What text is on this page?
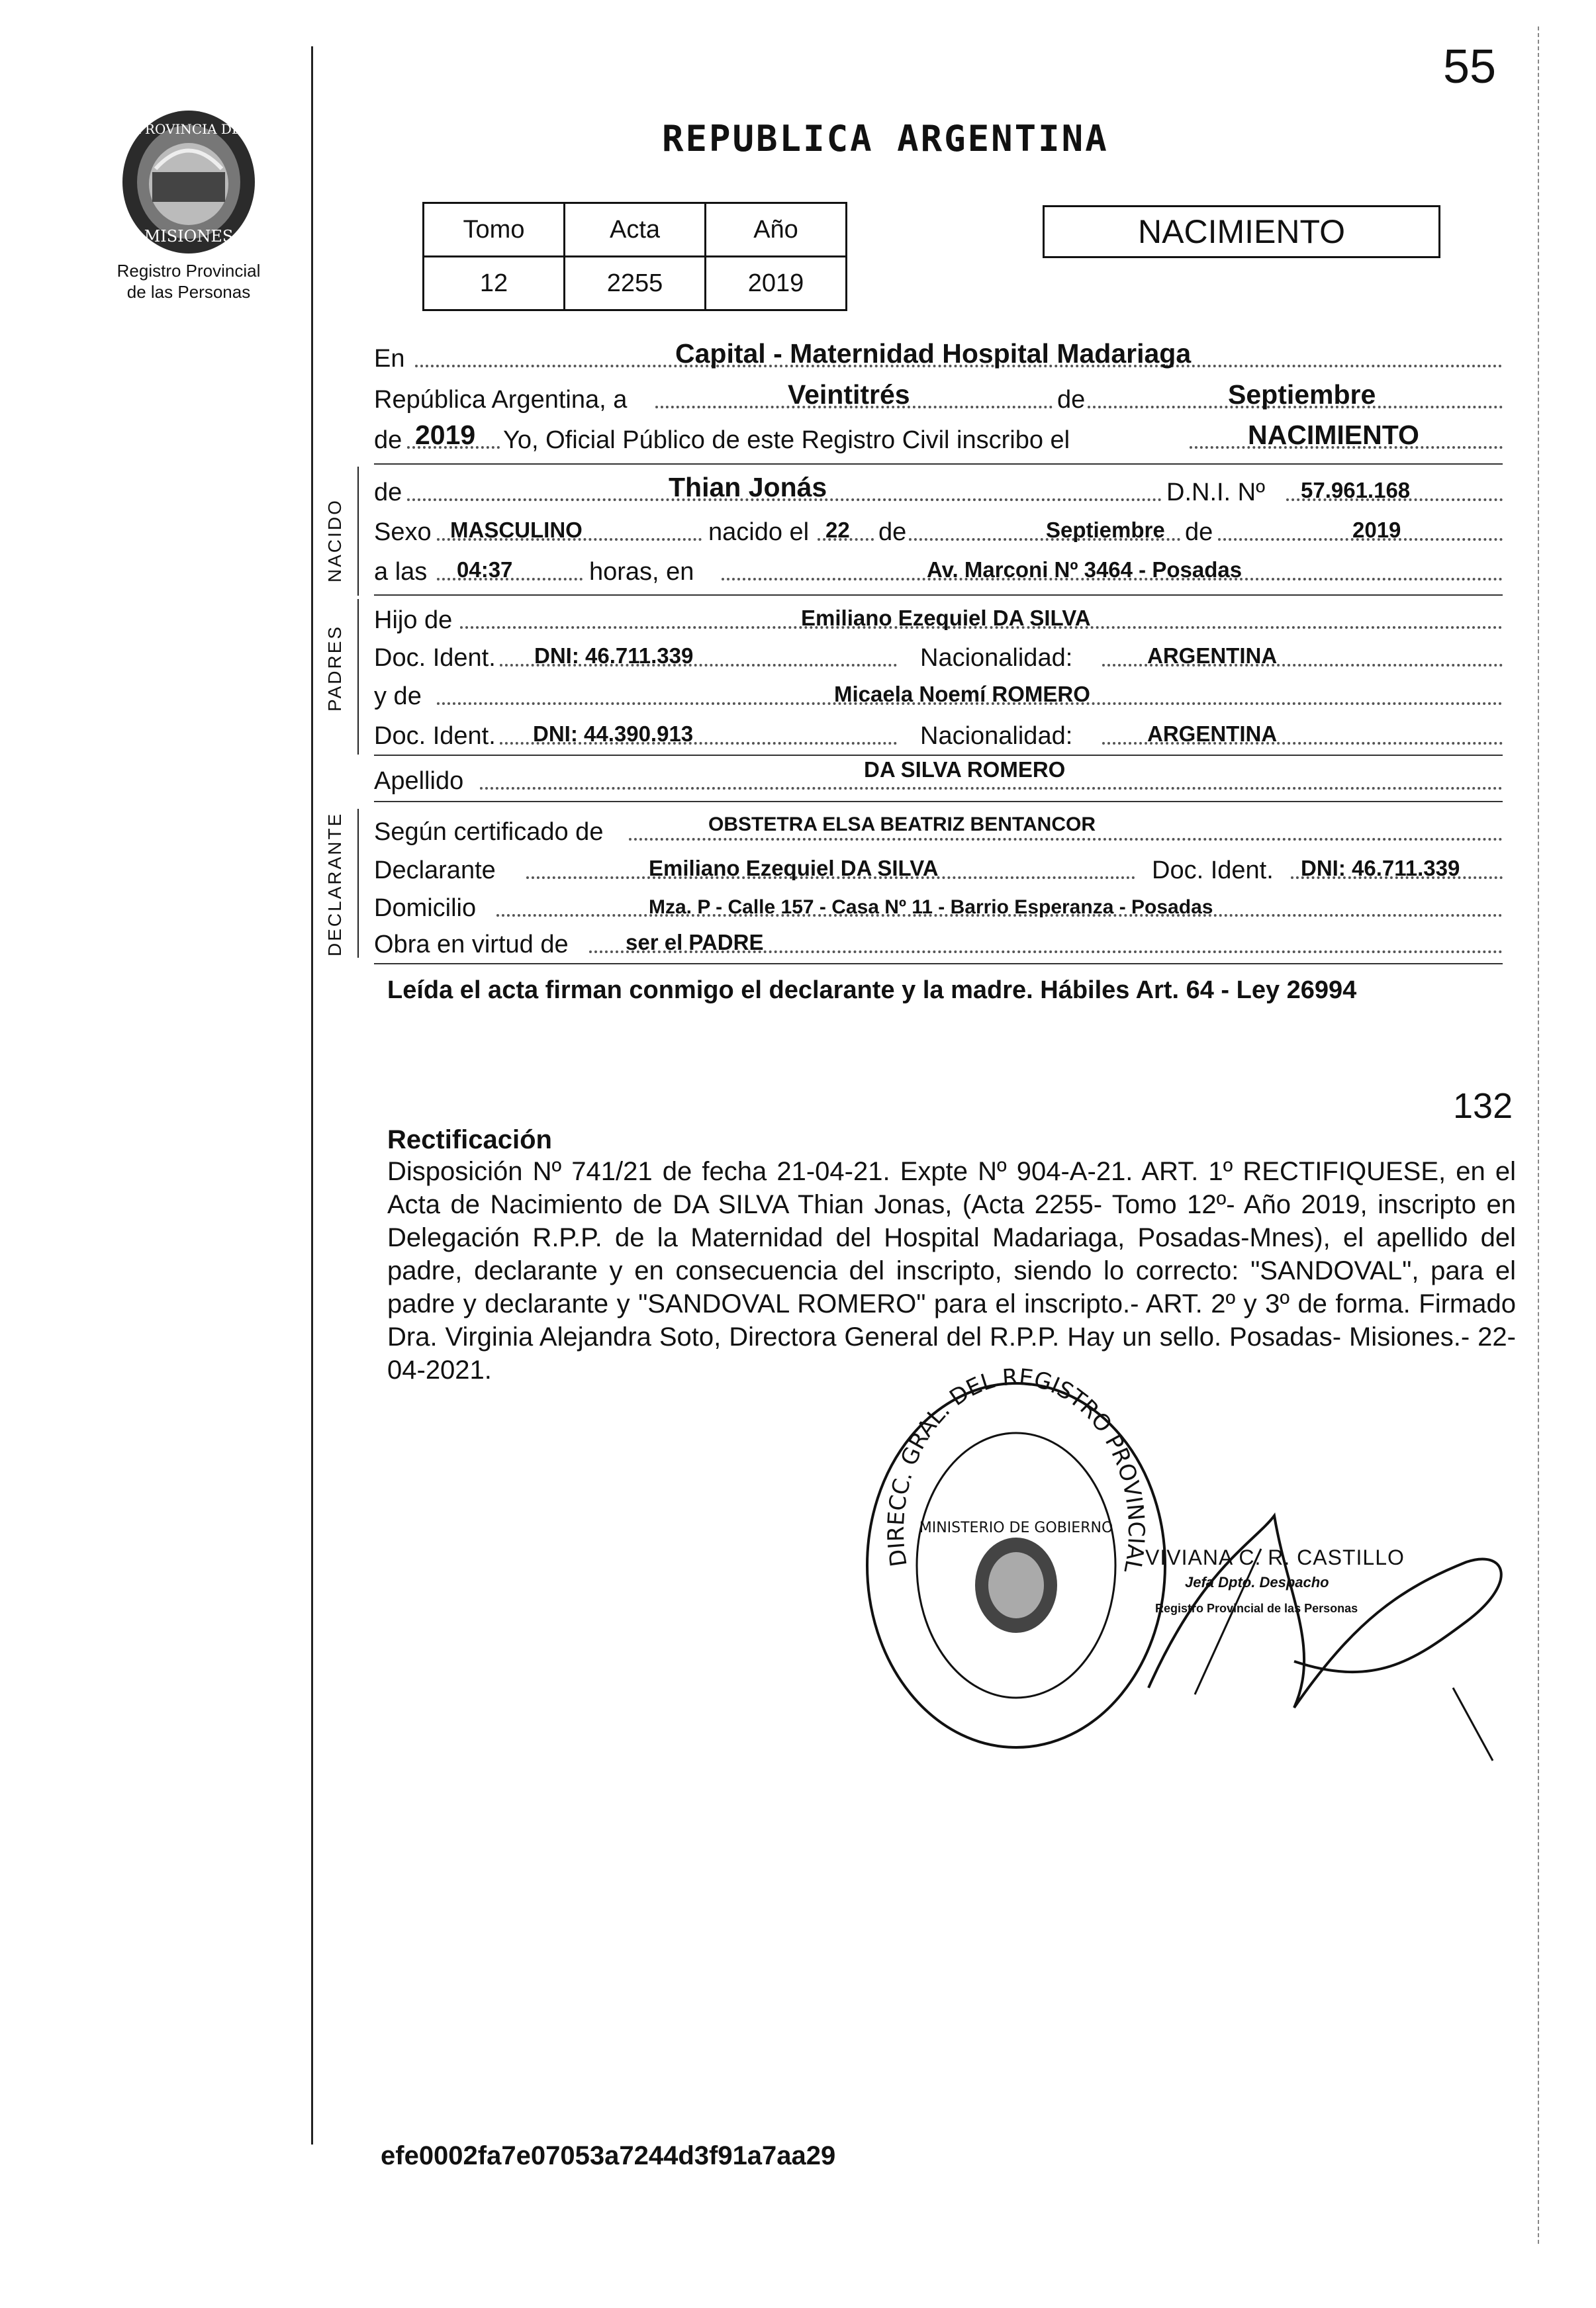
55
REPUBLICA ARGENTINA
PROVINCIA DE
MISIONES
Registro Provincial
de las Personas
Tomo	Acta	Año
12	2255	2019
NACIMIENTO
En	Capital - Maternidad Hospital Madariaga
República Argentina, a	Veintitrés	de	Septiembre
de 2019 Yo, Oficial Público de este Registro Civil inscribo el	NACIMIENTO
NACIDO
de	Thian Jonás	D.N.I. Nº 57.961.168
Sexo MASCULINO	nacido el 22 de	Septiembre de	2019
a las 04:37	horas, en	Av. Marconi Nº 3464 - Posadas
PADRES
Hijo de	Emiliano Ezequiel DA SILVA
Doc. Ident. DNI: 46.711.339	Nacionalidad:	ARGENTINA
y de	Micaela Noemí ROMERO
Doc. Ident. DNI: 44.390.913	Nacionalidad:	ARGENTINA
Apellido	DA SILVA ROMERO
DECLARANTE Según certificado de	OBSTETRA ELSA BEATRIZ BENTANCOR
Declarante	Emiliano Ezequiel DA SILVA	Doc. Ident. DNI: 46.711.339
Domicilio	Mza. P - Calle 157 - Casa Nº 11 - Barrio Esperanza - Posadas
Obra en virtud de	ser el PADRE
Leída el acta firman conmigo el declarante y la madre. Hábiles Art. 64 - Ley 26994
132
Rectificación
Disposición Nº 741/21 de fecha 21-04-21. Expte Nº 904-A-21. ART. 1º RECTIFIQUESE, en el Acta de Nacimiento de DA SILVA Thian Jonas, (Acta 2255- Tomo 12º- Año 2019, inscripto en Delegación R.P.P. de la Maternidad del Hospital Madariaga, Posadas-Mnes), el apellido del padre, declarante y en consecuencia del inscripto, siendo lo correcto: "SANDOVAL", para el padre y declarante y "SANDOVAL ROMERO" para el inscripto.- ART. 2º y 3º de forma. Firmado Dra. Virginia Alejandra Soto, Directora General del R.P.P. Hay un sello. Posadas- Misiones.- 22-04-2021.
DIRECC. GRAL. DEL REGISTRO PROVINCIAL
MINISTERIO DE GOBIERNO
VIVIANA C. R. CASTILLO
Jefa Dpto. Despacho
Registro Provincial de las Personas
efe0002fa7e07053a7244d3f91a7aa29
